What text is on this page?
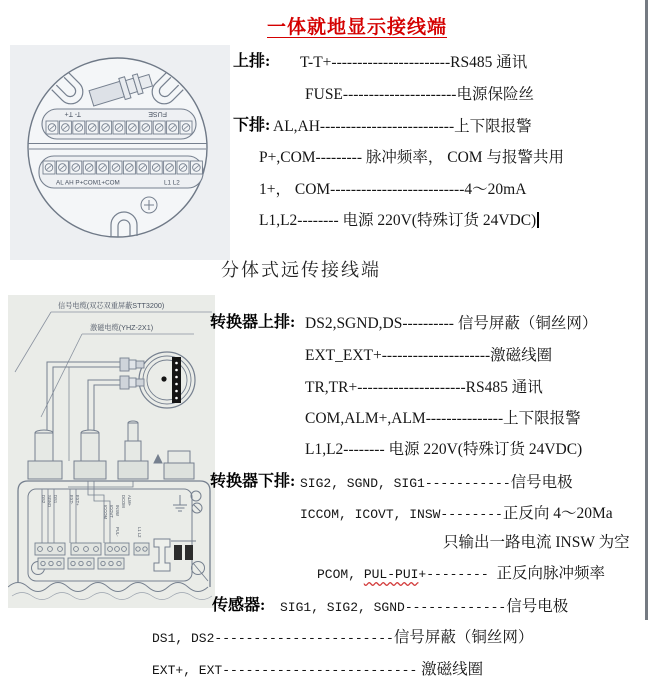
一体就地显示接线端
T- T+	FUSE
AL AH P+COM1+COM	L1 L2
上排: T-T+-----------------------RS485 通讯
FUSE----------------------电源保险丝
下排: AL,AH--------------------------上下限报警
P+,COM--------- 脉冲频率， COM 与报警共用
1+， COM--------------------------4～20mA
L1,L2-------- 电源 220V(特殊订货 24VDC)
分体式远传接线端
信号电缆(双芯双重屏蔽STT3200)
激磁电缆(YHZ-2X1)
DS2 SGND DS1	EXT- EXT+
ICCOM ICOVT INSW
DCOM ALM+
PUL-	L1 L2
转换器上排: DS2,SGND,DS---------- 信号屏蔽（铜丝网）
EXT_EXT+---------------------激磁线圈
TR,TR+---------------------RS485 通讯
COM,ALM+,ALM---------------上下限报警
L1,L2-------- 电源 220V(特殊订货 24VDC)
转换器下排: SIG2, SGND, SIG1-----------信号电极
ICCOM, ICOVT, INSW--------正反向 4～20Ma
只输出一路电流 INSW 为空
PCOM, PUL-PUI+-------- 正反向脉冲频率
传感器: SIG1, SIG2, SGND-------------信号电极
DS1, DS2-----------------------信号屏蔽（铜丝网）
EXT+, EXT------------------------- 激磁线圈
